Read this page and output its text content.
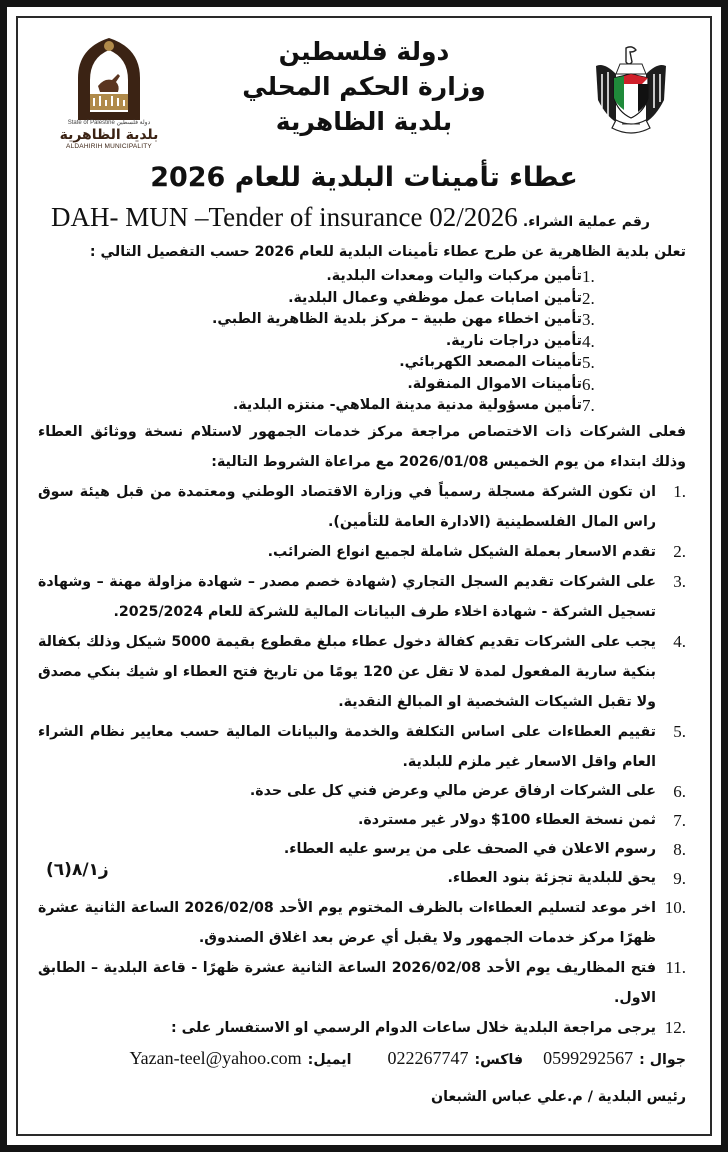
دولة فلسطين
وزارة الحكم المحلي
بلدية الظاهرية
State of Palestine دولة فلسطين
بلدية الظاهرية
ALDAHIRIH MUNICIPALITY
عطاء تأمينات البلدية للعام 2026
رقم عملية الشراء. DAH- MUN –Tender of insurance 02/2026
تعلن بلدية الظاهرية عن طرح عطاء تأمينات البلدية للعام 2026 حسب التفصيل التالي :
1.
تأمين مركبات واليات ومعدات البلدية.
2.
تأمين اصابات عمل موظفي وعمال البلدية.
3.
تأمين اخطاء مهن طبية – مركز بلدية الظاهرية الطبي.
4.
تأمين دراجات نارية.
5.
تأمينات المصعد الكهربائي.
6.
تأمينات الاموال المنقولة.
7.
تأمين مسؤولية مدنية مدينة الملاهي- منتزه البلدية.
فعلى الشركات ذات الاختصاص مراجعة مركز خدمات الجمهور لاستلام نسخة ووثائق العطاء وذلك ابتداء من يوم الخميس 2026/01/08 مع مراعاة الشروط التالية:
.1
ان تكون الشركة مسجلة رسمياً في وزارة الاقتصاد الوطني ومعتمدة من قبل هيئة سوق راس المال الفلسطينية (الادارة العامة للتأمين).
.2
تقدم الاسعار بعملة الشيكل شاملة لجميع انواع الضرائب.
.3
على الشركات تقديم السجل التجاري (شهادة خصم مصدر – شهادة مزاولة مهنة – وشهادة تسجيل الشركة - شهادة اخلاء طرف البيانات المالية للشركة للعام 2025/2024.
.4
يجب على الشركات تقديم كفالة دخول عطاء مبلغ مقطوع بقيمة 5000 شيكل وذلك بكفالة بنكية سارية المفعول لمدة لا تقل عن 120 يومًا من تاريخ فتح العطاء او شيك بنكي مصدق ولا تقبل الشيكات الشخصية او المبالغ النقدية.
.5
تقييم العطاءات على اساس التكلفة والخدمة والبيانات المالية حسب معايير نظام الشراء العام واقل الاسعار غير ملزم للبلدية.
.6
على الشركات ارفاق عرض مالي وعرض فني كل على حدة.
.7
ثمن نسخة العطاء 100$ دولار غير مستردة.
.8
رسوم الاعلان في الصحف على من يرسو عليه العطاء.
.9
يحق للبلدية تجزئة بنود العطاء.
.10
اخر موعد لتسليم العطاءات بالظرف المختوم يوم الأحد 2026/02/08 الساعة الثانية عشرة ظهرًا مركز خدمات الجمهور ولا يقبل أي عرض بعد اغلاق الصندوق.
.11
فتح المظاريف يوم الأحد 2026/02/08 الساعة الثانية عشرة ظهرًا - قاعة البلدية – الطابق الاول.
.12
يرجى مراجعة البلدية خلال ساعات الدوام الرسمي او الاستفسار على :
جوال :
0599292567
فاكس:
022267747
ايميل:
Yazan-teel@yahoo.com
رئيس البلدية / م.علي عباس الشبعان
ز٨/١(٦)
